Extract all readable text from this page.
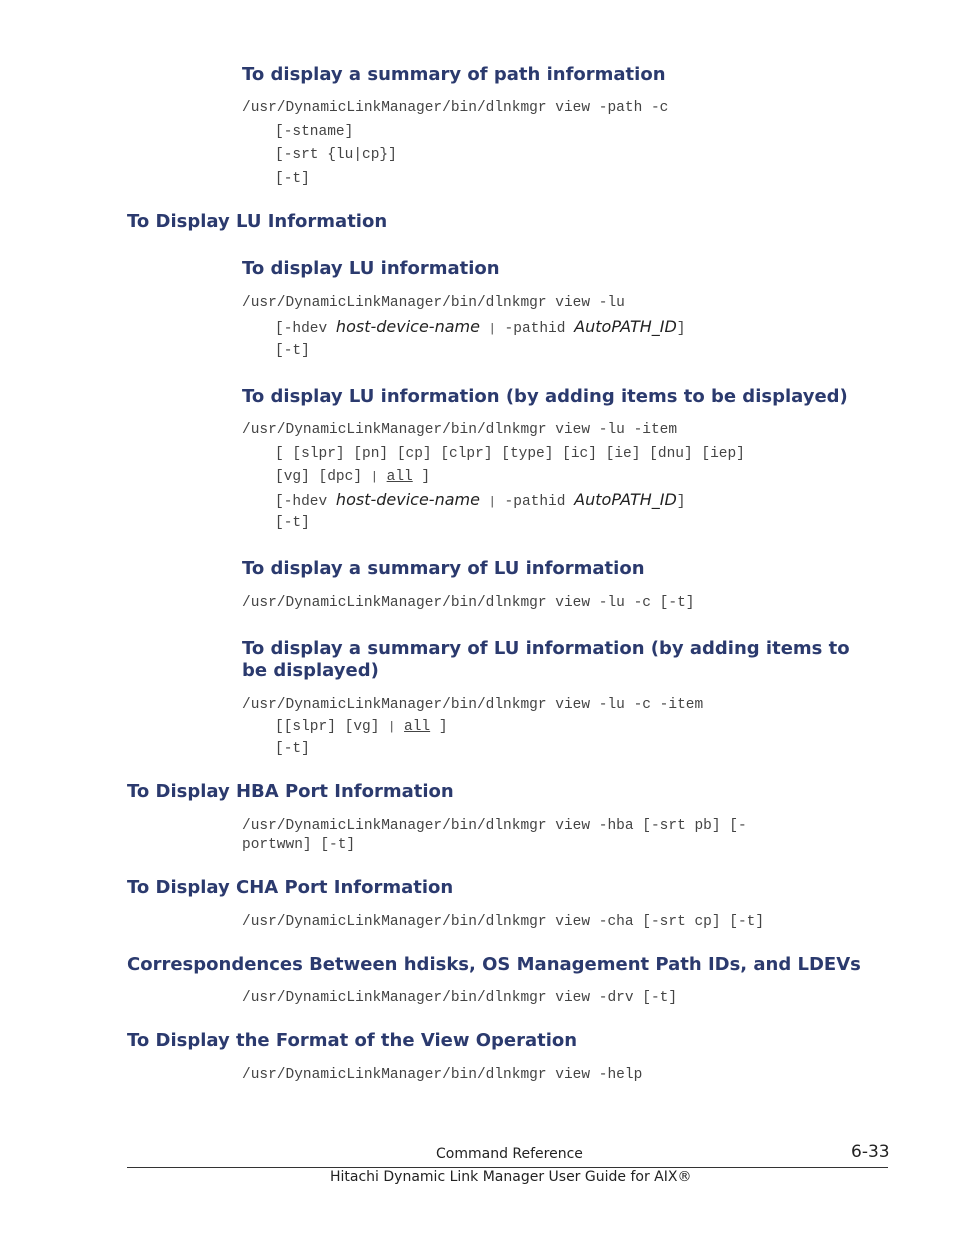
To display a summary of path information
/usr/DynamicLinkManager/bin/dlnkmgr view -path -c
[-stname]
[-srt {lu|cp}]
[-t]
To Display LU Information
To display LU information
/usr/DynamicLinkManager/bin/dlnkmgr view -lu
[-hdev host-device-name | -pathid AutoPATH_ID]
[-t]
To display LU information (by adding items to be displayed)
/usr/DynamicLinkManager/bin/dlnkmgr view -lu -item
[ [slpr] [pn] [cp] [clpr] [type] [ic] [ie] [dnu] [iep]
[vg] [dpc] | all ]
[-hdev host-device-name | -pathid AutoPATH_ID]
[-t]
To display a summary of LU information
/usr/DynamicLinkManager/bin/dlnkmgr view -lu -c [-t]
To display a summary of LU information (by adding items to be displayed)
/usr/DynamicLinkManager/bin/dlnkmgr view -lu -c -item
[[slpr] [vg] | all ]
[-t]
To Display HBA Port Information
/usr/DynamicLinkManager/bin/dlnkmgr view -hba [-srt pb] [-
portwwn] [-t]
To Display CHA Port Information
/usr/DynamicLinkManager/bin/dlnkmgr view -cha [-srt cp] [-t]
Correspondences Between hdisks, OS Management Path IDs, and LDEVs
/usr/DynamicLinkManager/bin/dlnkmgr view -drv [-t]
To Display the Format of the View Operation
/usr/DynamicLinkManager/bin/dlnkmgr view -help
Command Reference	6-33
Hitachi Dynamic Link Manager User Guide for AIX®
